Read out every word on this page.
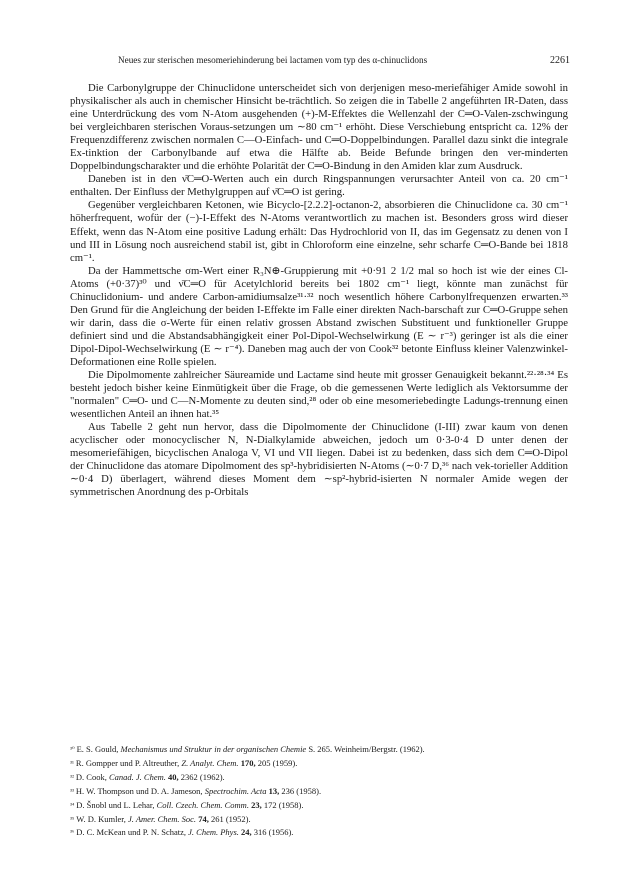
Neues zur sterischen mesomeriehinderung bei lactamen vom typ des α-chinuclidons	2261

Die Carbonylgruppe der Chinuclidone unterscheidet sich von derjenigen meso-meriefähiger Amide sowohl in physikalischer als auch in chemischer Hinsicht be-trächtlich. So zeigen die in Tabelle 2 angeführten IR-Daten, dass eine Unterdrückung des vom N-Atom ausgehenden (+)-M-Effektes die Wellenzahl der C═O-Valen-zschwingung bei vergleichbaren sterischen Voraus-setzungen um ∼80 cm⁻¹ erhöht. Diese Verschiebung entspricht ca. 12% der Frequenzdifferenz zwischen normalen C—O-Einfach- und C═O-Doppelbindungen. Parallel dazu sinkt die integrale Ex-tinktion der Carbonylbande auf etwa die Hälfte ab. Beide Befunde bringen den ver-minderten Doppelbindungscharakter und die erhöhte Polarität der C═O-Bindung in den Amiden klar zum Ausdruck.

Daneben ist in den ν̄C═O-Werten auch ein durch Ringspannungen verursachter Anteil von ca. 20 cm⁻¹ enthalten. Der Einfluss der Methylgruppen auf ν̄C═O ist gering.

Gegenüber vergleichbaren Ketonen, wie Bicyclo-[2.2.2]-octanon-2, absorbieren die Chinuclidone ca. 30 cm⁻¹ höherfrequent, wofür der (−)-I-Effekt des N-Atoms verantwortlich zu machen ist. Besonders gross wird dieser Effekt, wenn das N-Atom eine positive Ladung erhält: Das Hydrochlorid von II, das im Gegensatz zu denen von I und III in Lösung noch ausreichend stabil ist, gibt in Chloroform eine einzelne, sehr scharfe C═O-Bande bei 1818 cm⁻¹.

Da der Hammettsche σm-Wert einer R₃N⊕-Gruppierung mit +0·91 2 1/2 mal so hoch ist wie der eines Cl-Atoms (+0·37)³⁰ und ν̄C═O für Acetylchlorid bereits bei 1802 cm⁻¹ liegt, könnte man zunächst für Chinuclidonium- und andere Carbon-amidiumsalze³¹·³² noch wesentlich höhere Carbonylfrequenzen erwarten.³³ Den Grund für die Angleichung der beiden I-Effekte im Falle einer direkten Nach-barschaft zur C═O-Gruppe sehen wir darin, dass die σ-Werte für einen relativ grossen Abstand zwischen Substituent und funktioneller Gruppe definiert sind und die Abstandsabhängigkeit einer Pol-Dipol-Wechselwirkung (E ∼ r⁻³) geringer ist als die einer Dipol-Dipol-Wechselwirkung (E ∼ r⁻⁴). Daneben mag auch der von Cook³² betonte Einfluss kleiner Valenzwinkel-Deformationen eine Rolle spielen.

Die Dipolmomente zahlreicher Säureamide und Lactame sind heute mit grosser Genauigkeit bekannt.²²·²⁸·³⁴ Es besteht jedoch bisher keine Einmütigkeit über die Frage, ob die gemessenen Werte lediglich als Vektorsumme der "normalen" C═O- und C—N-Momente zu deuten sind,²⁸ oder ob eine mesomeriebedingte Ladungs-trennung einen wesentlichen Anteil an ihnen hat.³⁵

Aus Tabelle 2 geht nun hervor, dass die Dipolmomente der Chinuclidone (I-III) zwar kaum von denen acyclischer oder monocyclischer N, N-Dialkylamide abweichen, jedoch um 0·3-0·4 D unter denen der mesomeriefähigen, bicyclischen Analoga V, VI und VII liegen. Dabei ist zu bedenken, dass sich dem C═O-Dipol der Chinuclidone das atomare Dipolmoment des sp³-hybridisierten N-Atoms (∼0·7 D,³⁶ nach vek-torieller Addition ∼0·4 D) überlagert, während dieses Moment dem ∼sp²-hybrid-isierten N normaler Amide wegen der symmetrischen Anordnung des p-Orbitals

³⁰ E. S. Gould, Mechanismus und Struktur in der organischen Chemie S. 265. Weinheim/Bergstr. (1962).
³¹ R. Gompper und P. Altreuther, Z. Analyt. Chem. 170, 205 (1959).
³² D. Cook, Canad. J. Chem. 40, 2362 (1962).
³³ H. W. Thompson und D. A. Jameson, Spectrochim. Acta 13, 236 (1958).
³⁴ D. Šnobl und L. Lehar, Coll. Czech. Chem. Comm. 23, 172 (1958).
³⁵ W. D. Kumler, J. Amer. Chem. Soc. 74, 261 (1952).
³⁶ D. C. McKean und P. N. Schatz, J. Chem. Phys. 24, 316 (1956).
